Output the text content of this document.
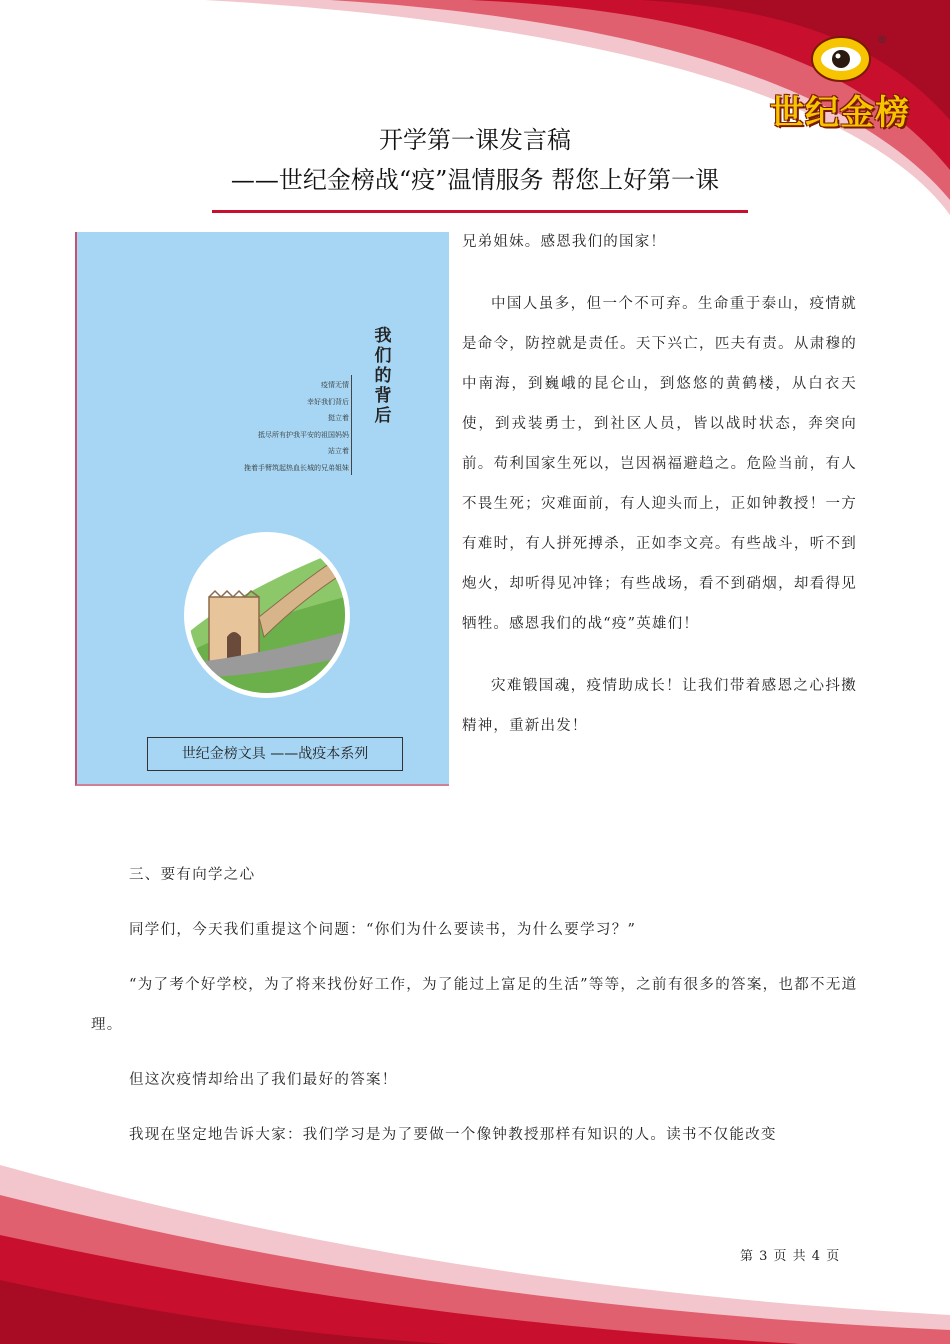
®
世纪金榜
开学第一课发言稿
——世纪金榜战“疫”温情服务 帮您上好第一课
我们的背后
疫情无情
幸好我们背后
挺立着
抵尽所有护我平安的祖国妈妈
站立着
挽着手臂筑起热血长城的兄弟姐妹
世纪金榜文具 ——战疫本系列

兄弟姐妹。感恩我们的国家！

中国人虽多，但一个不可弃。生命重于泰山，疫情就是命令，防控就是责任。天下兴亡，匹夫有责。从肃穆的中南海，到巍峨的昆仑山，到悠悠的黄鹤楼，从白衣天使，到戎装勇士，到社区人员，皆以战时状态，奔突向前。苟利国家生死以，岂因祸福避趋之。危险当前，有人不畏生死；灾难面前，有人迎头而上，正如钟教授！一方有难时，有人拼死搏杀，正如李文亮。有些战斗，听不到炮火，却听得见冲锋；有些战场，看不到硝烟，却看得见牺牲。感恩我们的战“疫”英雄们！

灾难锻国魂，疫情助成长！让我们带着感恩之心抖擞精神，重新出发！

三、要有向学之心

同学们，今天我们重提这个问题：“你们为什么要读书，为什么要学习？”

“为了考个好学校，为了将来找份好工作，为了能过上富足的生活”等等，之前有很多的答案，也都不无道理。

但这次疫情却给出了我们最好的答案！

我现在坚定地告诉大家：我们学习是为了要做一个像钟教授那样有知识的人。读书不仅能改变

第 3 页 共 4 页
